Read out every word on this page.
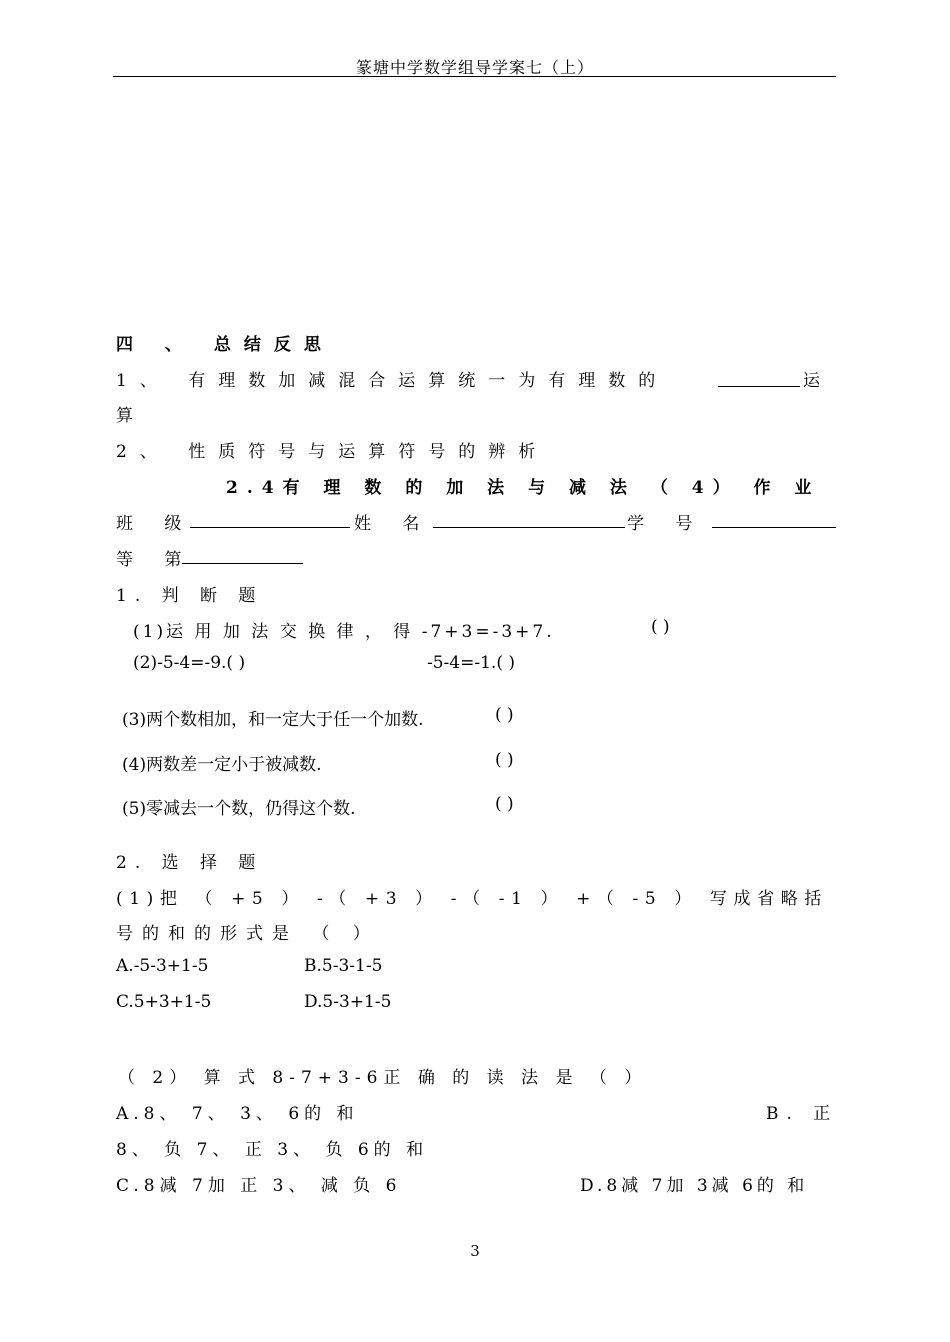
篆塘中学数学组导学案七（上）
四 、 总结反思
1、 有理数加减混合运算统一为有理数的	运
算
2、 性质符号与运算符号的辨析
2.4有 理 数 的 加 法 与 减 法 （ 4） 作 业
班 级	姓 名	学 号
等 第
1. 判 断 题
(1)运 用 加 法 交 换 律 ， 得 -7+3=-3+7.	( )
(2)-5-4=-9.( )	-5-4=-1.( )
(3)两个数相加，和一定大于任一个加数.	( )
(4)两数差一定小于被减数.	( )
(5)零减去一个数，仍得这个数.	( )
2. 选 择 题
(1)把 （ +5 ） -（ +3 ） -（ -1 ） +（ -5 ） 写成省略括
号的和的形式是 （ ）
A.-5-3+1-5	B.5-3-1-5
C.5+3+1-5	D.5-3+1-5
（ 2） 算 式 8-7+3-6正 确 的 读 法 是 （ ）
A.8、 7、 3、 6的 和	B. 正
8、 负 7、 正 3、 负 6的 和
C.8减 7加 正 3、 减 负 6	D.8减 7加 3减 6的 和
3
